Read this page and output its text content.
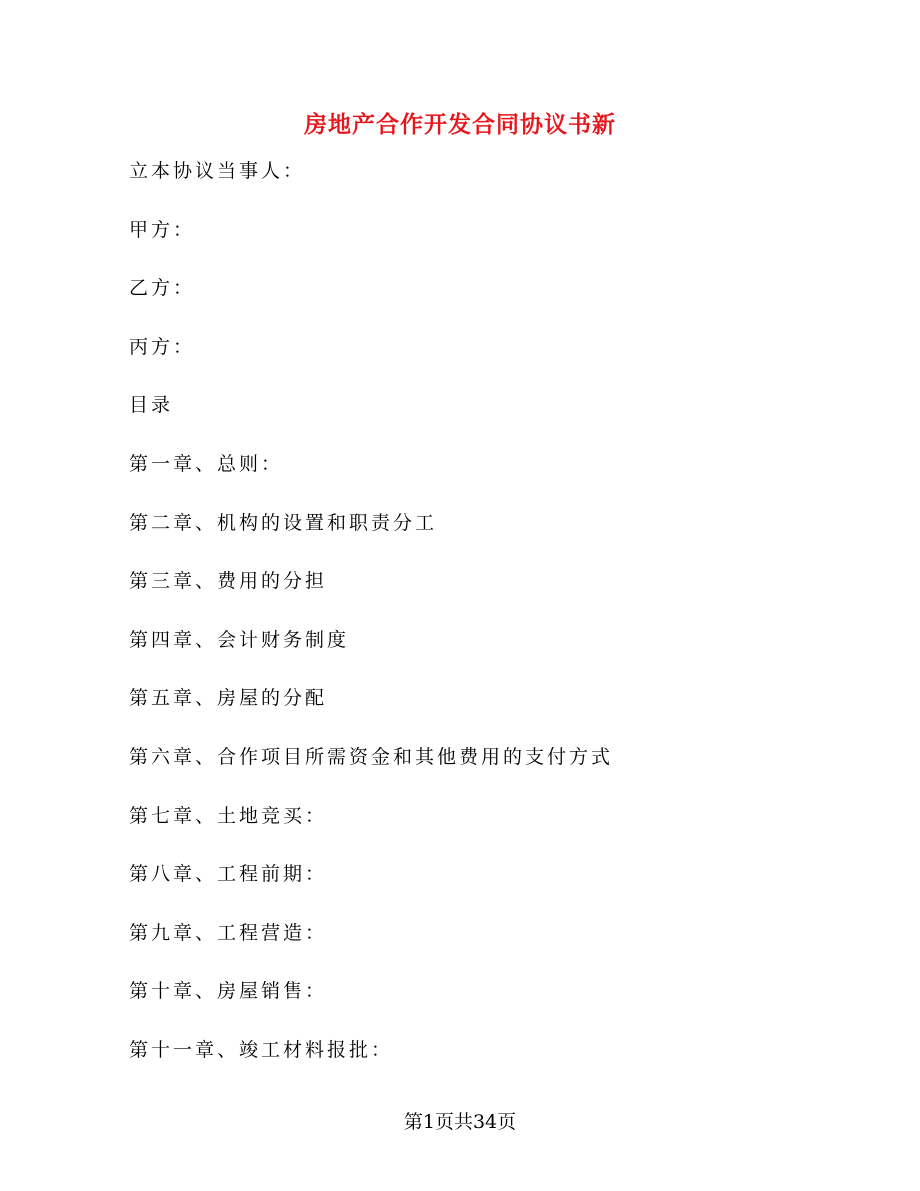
房地产合作开发合同协议书新
立本协议当事人：
甲方：
乙方：
丙方：
目录
第一章、总则：
第二章、机构的设置和职责分工
第三章、费用的分担
第四章、会计财务制度
第五章、房屋的分配
第六章、合作项目所需资金和其他费用的支付方式
第七章、土地竞买：
第八章、工程前期：
第九章、工程营造：
第十章、房屋销售：
第十一章、竣工材料报批：
第1页共34页
